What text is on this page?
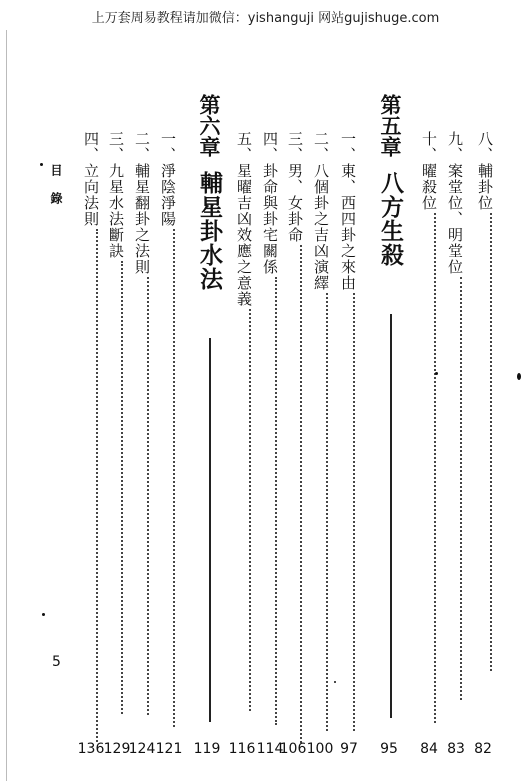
上万套周易教程请加微信：yishanguji 网站gujishuge.com
八、輔卦位
九、案堂位、明堂位
十、曜殺位
第五章八方生殺
一、東、西四卦之來由
二、八個卦之吉凶演繹
三、男、女卦命
四、卦命與卦宅關係
五、星曜吉凶效應之意義
第六章輔星卦水法
一、淨陰淨陽
二、輔星翻卦之法則
三、九星水法斷訣
四、立向法則
82
83
84
95
97
100
106
114
116
119
121
124
129
136
目錄
5
